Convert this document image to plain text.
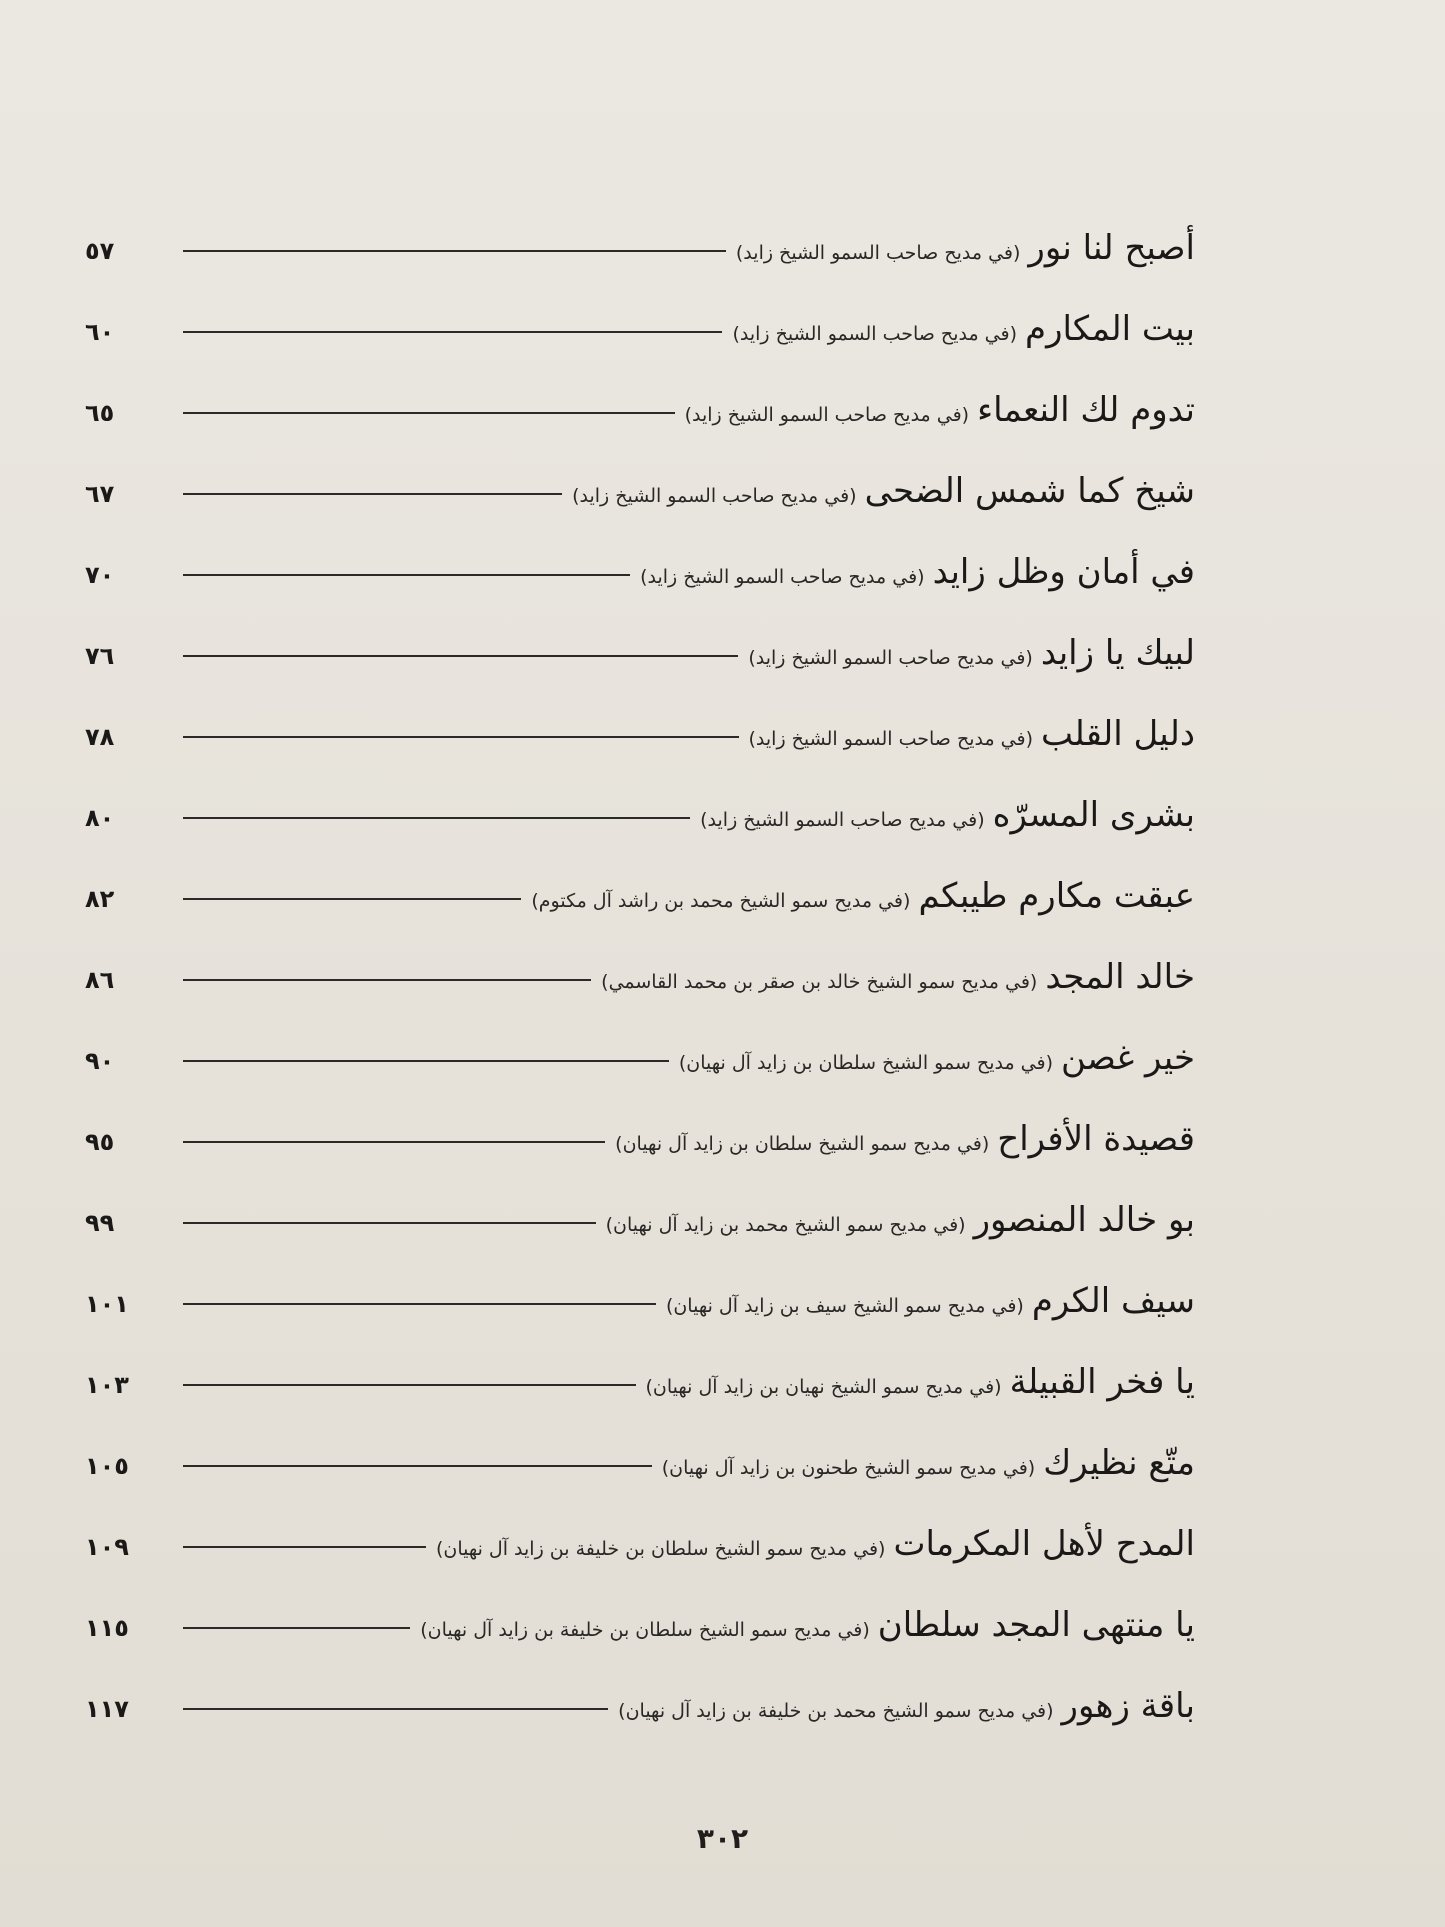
أصبح لنا نور
(في مديح صاحب السمو الشيخ زايد)
٥٧
بيت المكارم
(في مديح صاحب السمو الشيخ زايد)
٦٠
تدوم لك النعماء
(في مديح صاحب السمو الشيخ زايد)
٦٥
شيخ كما شمس الضحى
(في مديح صاحب السمو الشيخ زايد)
٦٧
في أمان وظل زايد
(في مديح صاحب السمو الشيخ زايد)
٧٠
لبيك يا زايد
(في مديح صاحب السمو الشيخ زايد)
٧٦
دليل القلب
(في مديح صاحب السمو الشيخ زايد)
٧٨
بشرى المسرّه
(في مديح صاحب السمو الشيخ زايد)
٨٠
عبقت مكارم طيبكم
(في مديح سمو الشيخ محمد بن راشد آل مكتوم)
٨٢
خالد المجد
(في مديح سمو الشيخ خالد بن صقر بن محمد القاسمي)
٨٦
خير غصن
(في مديح سمو الشيخ سلطان بن زايد آل نهيان)
٩٠
قصيدة الأفراح
(في مديح سمو الشيخ سلطان بن زايد آل نهيان)
٩٥
بو خالد المنصور
(في مديح سمو الشيخ محمد بن زايد آل نهيان)
٩٩
سيف الكرم
(في مديح سمو الشيخ سيف بن زايد آل نهيان)
١٠١
يا فخر القبيلة
(في مديح سمو الشيخ نهيان بن زايد آل نهيان)
١٠٣
متّع نظيرك
(في مديح سمو الشيخ طحنون بن زايد آل نهيان)
١٠٥
المدح لأهل المكرمات
(في مديح سمو الشيخ سلطان بن خليفة بن زايد آل نهيان)
١٠٩
يا منتهى المجد سلطان
(في مديح سمو الشيخ سلطان بن خليفة بن زايد آل نهيان)
١١٥
باقة زهور
(في مديح سمو الشيخ محمد بن خليفة بن زايد آل نهيان)
١١٧
٣٠٢
